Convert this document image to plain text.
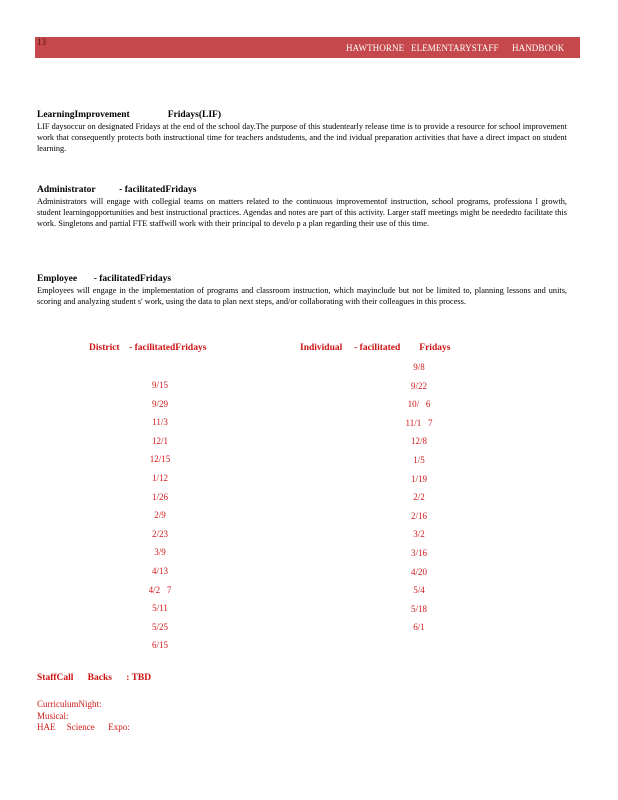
13
HAWTHORNE ELEMENTARYSTAFF HANDBOOK
LearningImprovement                Fridays(LIF)

LIF daysoccur on designated Fridays at the end of the school day.The purpose of this studentearly release time is to provide a resource for school improvement work that consequently protects both instructional time for teachers andstudents, and the ind ividual preparation activities that have a direct impact on student learning.

Administrator          - facilitatedFridays

Administrators will engage with collegial teams on matters related to the continuous improvementof instruction, school programs, professiona l growth, student learningopportunities and best instructional practices. Agendas and notes are part of this activity. Larger staff meetings might be neededto facilitate this work. Singletons and partial FTE staffwill work with their principal to develo p a plan regarding their use of this time.

Employee       - facilitatedFridays

Employees will engage in the implementation of programs and classroom instruction, which mayinclude but not be limited to, planning lessons and units, scoring and analyzing student s' work, using the data to plan next steps, and/or collaborating with their colleagues in this process.

District    - facilitatedFridays	Individual     - facilitated        Fridays
9/15
9/29
11/3
12/1
12/15
1/12
1/26
2/9
2/23
3/9
4/13
4/2   7
5/11
5/25
6/15
9/8
9/22
10/   6
11/1   7
12/8
1/5
1/19
2/2
2/16
3/2
3/16
4/20
5/4
5/18
6/1
StaffCall      Backs      : TBD
CurriculumNight:
Musical:
HAE     Science      Expo:
